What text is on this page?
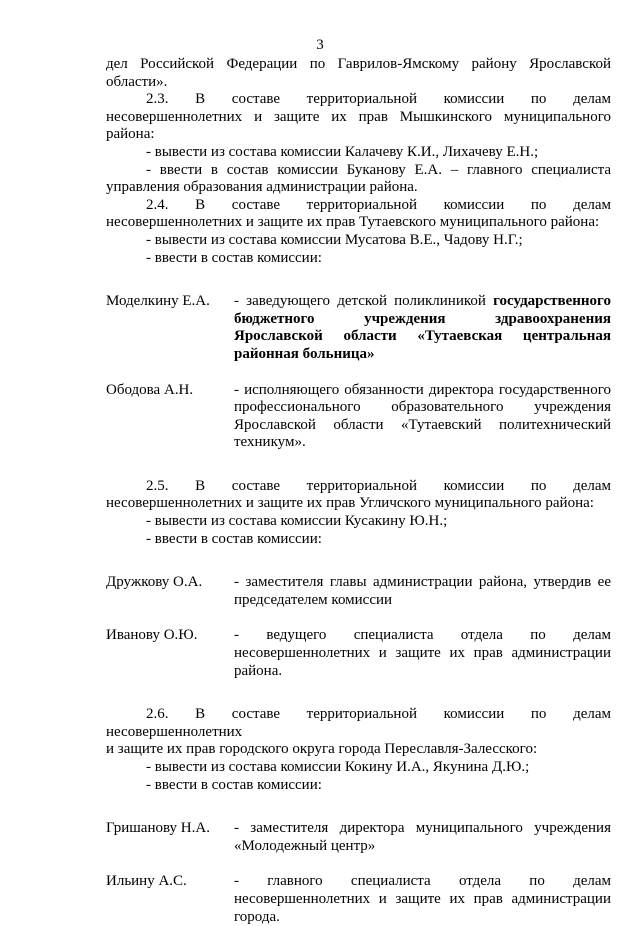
3

дел Российской Федерации по Гаврилов-Ямскому району Ярославской области».

2.3. В составе территориальной комиссии по делам

несовершеннолетних и защите их прав Мышкинского муниципального района:

- вывести из состава комиссии Калачеву К.И., Лихачеву Е.Н.;

- ввести в состав комиссии Буканову Е.А. – главного специалиста управления образования администрации района.

2.4. В составе территориальной комиссии по делам

несовершеннолетних и защите их прав Тутаевского муниципального района:

- вывести из состава комиссии Мусатова В.Е., Чадову Н.Г.;

- ввести в состав комиссии:

Моделкину Е.А.	- заведующего детской поликлиникой государственного бюджетного учреждения здравоохранения Ярославской области «Тутаевская центральная районная больница»
Ободова А.Н.	- исполняющего обязанности директора государственного профессионального образовательного учреждения Ярославской области «Тутаевский политехнический техникум».

2.5. В составе территориальной комиссии по делам

несовершеннолетних и защите их прав Угличского муниципального района:

- вывести из состава комиссии Кусакину Ю.Н.;

- ввести в состав комиссии:

Дружкову О.А.	- заместителя главы администрации района, утвердив ее председателем комиссии
Иванову О.Ю.	- ведущего специалиста отдела по делам несовершеннолетних и защите их прав администрации района.

2.6. В составе территориальной комиссии по делам несовершеннолетних

и защите их прав городского округа города Переславля-Залесского:

- вывести из состава комиссии Кокину И.А., Якунина Д.Ю.;

- ввести в состав комиссии:

Гришанову Н.А.	- заместителя директора муниципального учреждения «Молодежный центр»
Ильину А.С.	- главного специалиста отдела по делам несовершеннолетних и защите их прав администрации города.
